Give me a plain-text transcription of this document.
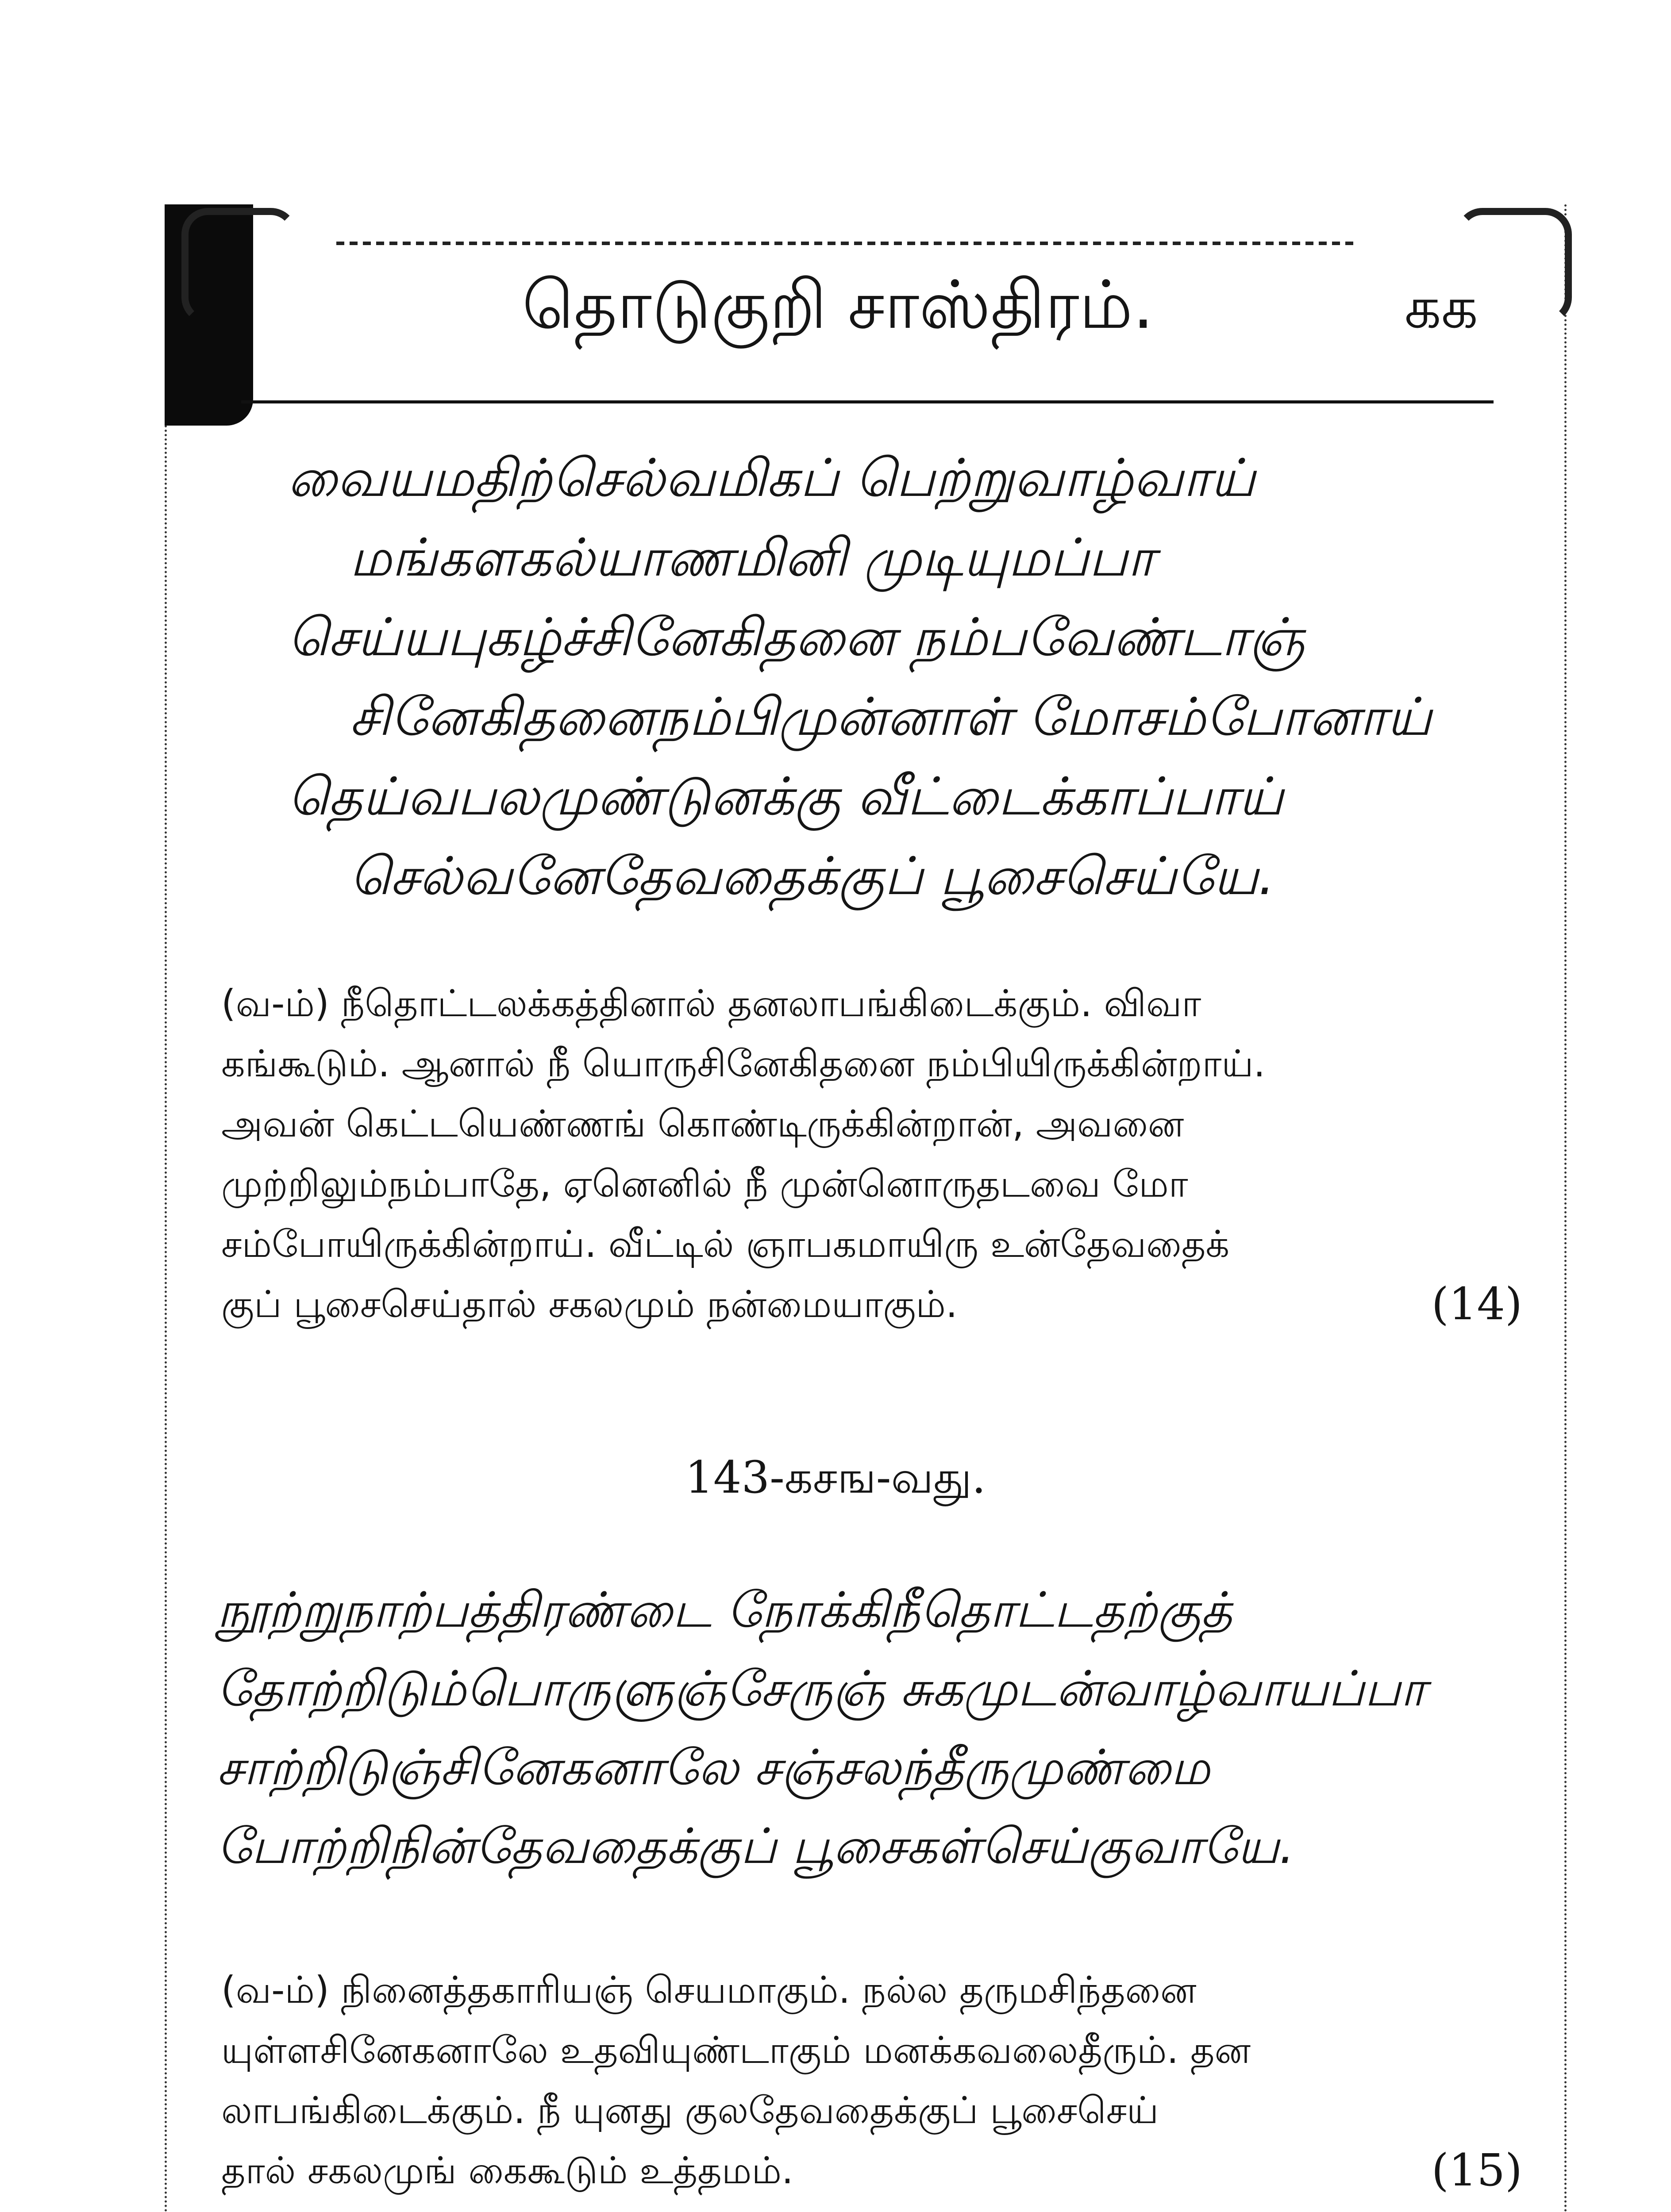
தொடுகுறி சாஸ்திரம்.	கக
வையமதிற்செல்வமிகப் பெற்றுவாழ்வாய்
மங்களகல்யாணமினி முடியுமப்பா
செய்யபுகழ்ச்சினேகிதனை நம்பவேண்டாஞ்
சினேகிதனைநம்பிமுன்னாள் மோசம்போனாய்
தெய்வபலமுண்டுனக்கு வீட்டைக்காப்பாய்
செல்வனேதேவதைக்குப் பூசைசெய்யே.
(வ-ம்) நீதொட்டலக்கத்தினால் தனலாபங்கிடைக்கும். விவா
கங்கூடும். ஆனால் நீ யொருசினேகிதனை நம்பியிருக்கின்றாய்.
அவன் கெட்டயெண்ணங் கொண்டிருக்கின்றான், அவனை
முற்றிலும்நம்பாதே, ஏனெனில் நீ முன்னொருதடவை மோ
சம்போயிருக்கின்றாய். வீட்டில் ஞாபகமாயிரு உன்தேவதைக்
குப் பூசைசெய்தால் சகலமும் நன்மையாகும்.	(14)
143-கசங-வது.
நூற்றுநாற்பத்திரண்டை நோக்கிநீதொட்டதற்குத்
தோற்றிடும்பொருளுஞ்சேருஞ் சுகமுடன்வாழ்வாயப்பா
சாற்றிடுஞ்சினேகனாலே சஞ்சலந்தீருமுண்மை
போற்றிநின்தேவதைக்குப் பூசைகள்செய்குவாயே.
(வ-ம்) நினைத்தகாரியஞ் செயமாகும். நல்ல தருமசிந்தனை
யுள்ளசினேகனாலே உதவியுண்டாகும் மனக்கவலைதீரும். தன
லாபங்கிடைக்கும். நீ யுனது குலதேவதைக்குப் பூசைசெய்
தால் சகலமுங் கைகூடும் உத்தமம்.	(15)
